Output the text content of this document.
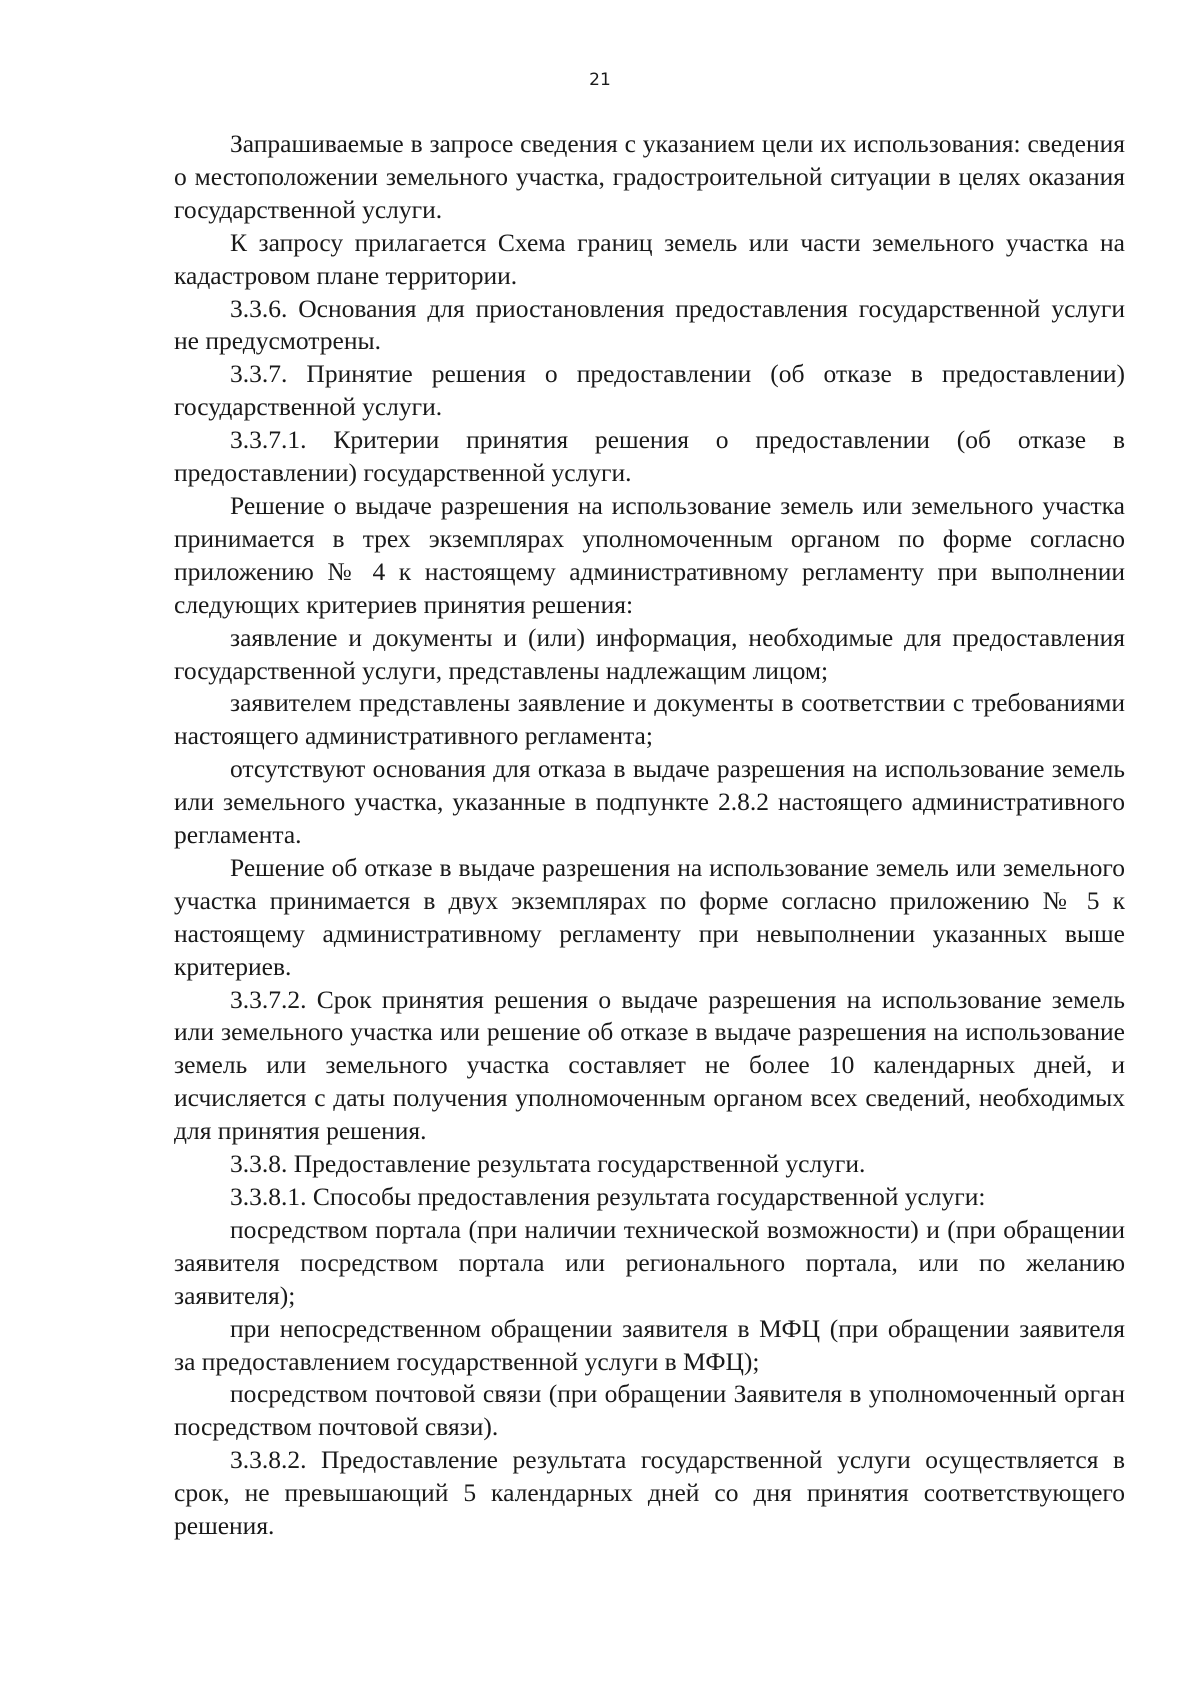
21

Запрашиваемые в запросе сведения с указанием цели их использования: сведения о местоположении земельного участка, градостроительной ситуации в целях оказания государственной услуги.

К запросу прилагается Схема границ земель или части земельного участка на кадастровом плане территории.

3.3.6. Основания для приостановления предоставления государственной услуги не предусмотрены.

3.3.7. Принятие решения о предоставлении (об отказе в предоставлении) государственной услуги.

3.3.7.1. Критерии принятия решения о предоставлении (об отказе в предоставлении) государственной услуги.

Решение о выдаче разрешения на использование земель или земельного участка принимается в трех экземплярах уполномоченным органом по форме согласно приложению № 4 к настоящему административному регламенту при выполнении следующих критериев принятия решения:

заявление и документы и (или) информация, необходимые для предоставления государственной услуги, представлены надлежащим лицом;

заявителем представлены заявление и документы в соответствии с требованиями настоящего административного регламента;

отсутствуют основания для отказа в выдаче разрешения на использование земель или земельного участка, указанные в подпункте 2.8.2 настоящего административного регламента.

Решение об отказе в выдаче разрешения на использование земель или земельного участка принимается в двух экземплярах по форме согласно приложению № 5 к настоящему административному регламенту при невыполнении указанных выше критериев.

3.3.7.2. Срок принятия решения о выдаче разрешения на использование земель или земельного участка или решение об отказе в выдаче разрешения на использование земель или земельного участка составляет не более 10 календарных дней, и исчисляется с даты получения уполномоченным органом всех сведений, необходимых для принятия решения.

3.3.8. Предоставление результата государственной услуги.

3.3.8.1. Способы предоставления результата государственной услуги:

посредством портала (при наличии технической возможности) и (при обращении заявителя посредством портала или регионального портала, или по желанию заявителя);

при непосредственном обращении заявителя в МФЦ (при обращении заявителя за предоставлением государственной услуги в МФЦ);

посредством почтовой связи (при обращении Заявителя в уполномоченный орган посредством почтовой связи).

3.3.8.2. Предоставление результата государственной услуги осуществляется в срок, не превышающий 5 календарных дней со дня принятия соответствующего решения.
